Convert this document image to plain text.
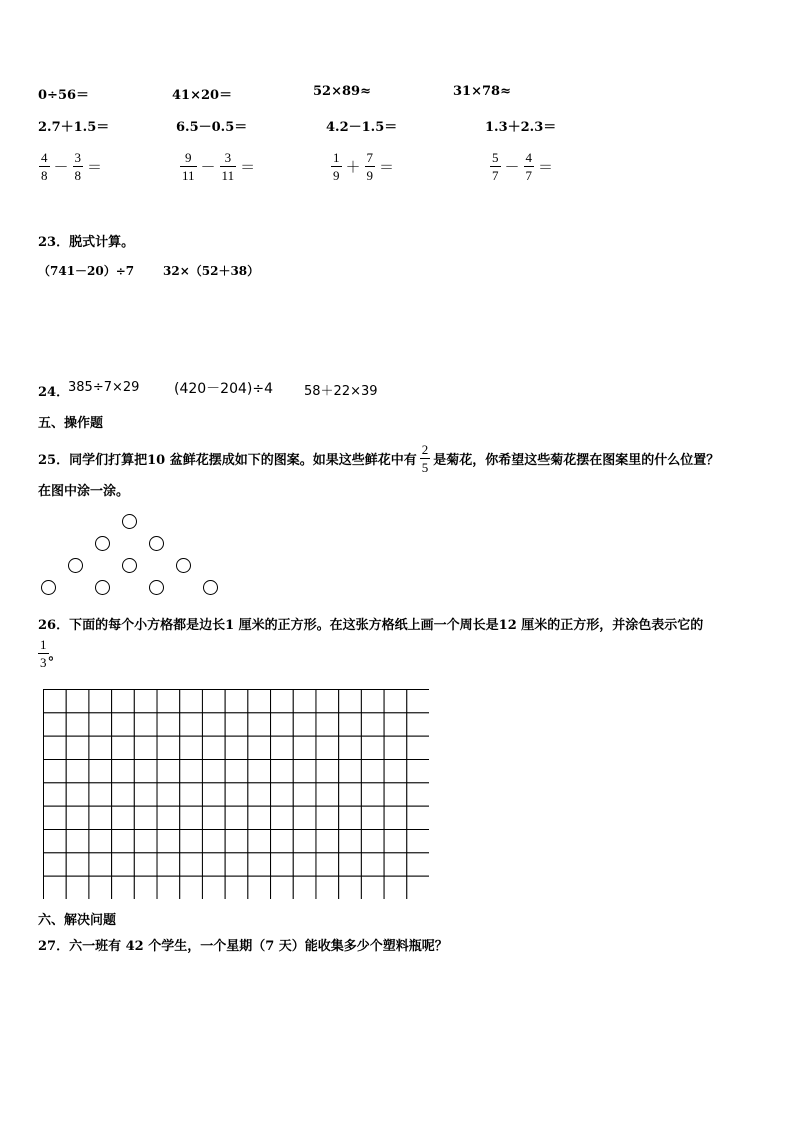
0÷56＝	41×20＝	52×89≈	31×78≈
2.7＋1.5＝	6.5－0.5＝	4.2－1.5＝	1.3＋2.3＝
$\frac{4}{8} - \frac{3}{8}$ ＝	$\frac{9}{11} - \frac{3}{11}$ ＝	$\frac{1}{9} + \frac{7}{9}$ ＝	$\frac{5}{7} - \frac{4}{7}$ ＝
23．脱式计算。
（741－20）÷7 32×（52＋38）
24．
385÷7×29 (420－204)÷4 58＋22×39
五、操作题
25．同学们打算把10 盆鲜花摆成如下的图案。如果这些鲜花中有 $\frac{2}{5}$ 是菊花，你希望这些菊花摆在图案里的什么位置？
在图中涂一涂。
26．下面的每个小方格都是边长1 厘米的正方形。在这张方格纸上画一个周长是12 厘米的正方形，并涂色表示它的
$\frac{1}{3}$ 。
六、解决问题
27．六一班有 42 个学生，一个星期（7 天）能收集多少个塑料瓶呢？
